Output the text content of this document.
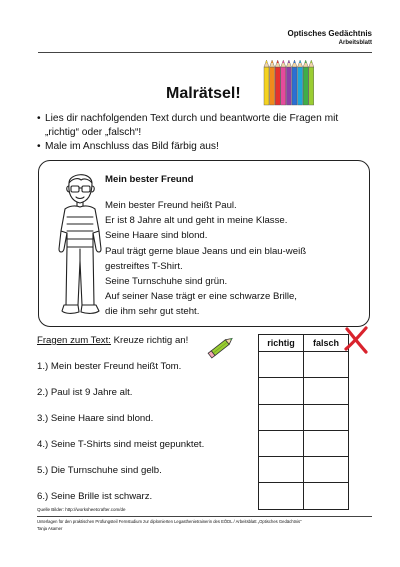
Optisches Gedächtnis
Arbeitsblatt
Malrätsel!
• Lies dir nachfolgenden Text durch und beantworte die Fragen mit „richtig“ oder „falsch“!
• Male im Anschluss das Bild färbig aus!
Mein bester Freund
Mein bester Freund heißt Paul.
Er ist 8 Jahre alt und geht in meine Klasse.
Seine Haare sind blond.
Paul trägt gerne blaue Jeans und ein blau-weiß
gestreiftes T-Shirt.
Seine Turnschuhe sind grün.
Auf seiner Nase trägt er eine schwarze Brille,
die ihm sehr gut steht.
Fragen zum Text: Kreuze richtig an!
1.) Mein bester Freund heißt Tom.
2.) Paul ist 9 Jahre alt.
3.) Seine Haare sind blond.
4.) Seine T-Shirts sind meist gepunktet.
5.) Die Turnschuhe sind gelb.
6.) Seine Brille ist schwarz.
richtig	falsch

Quelle Bilder: http://worksheetcrafter.com/de
Unterlagen für den praktischen Prüfungsteil Fernstudium zur diplomierten Legasthenietrainerin des EÖDL / Arbeitsblatt „Optisches Gedächtnis“
Tanja Asamer
